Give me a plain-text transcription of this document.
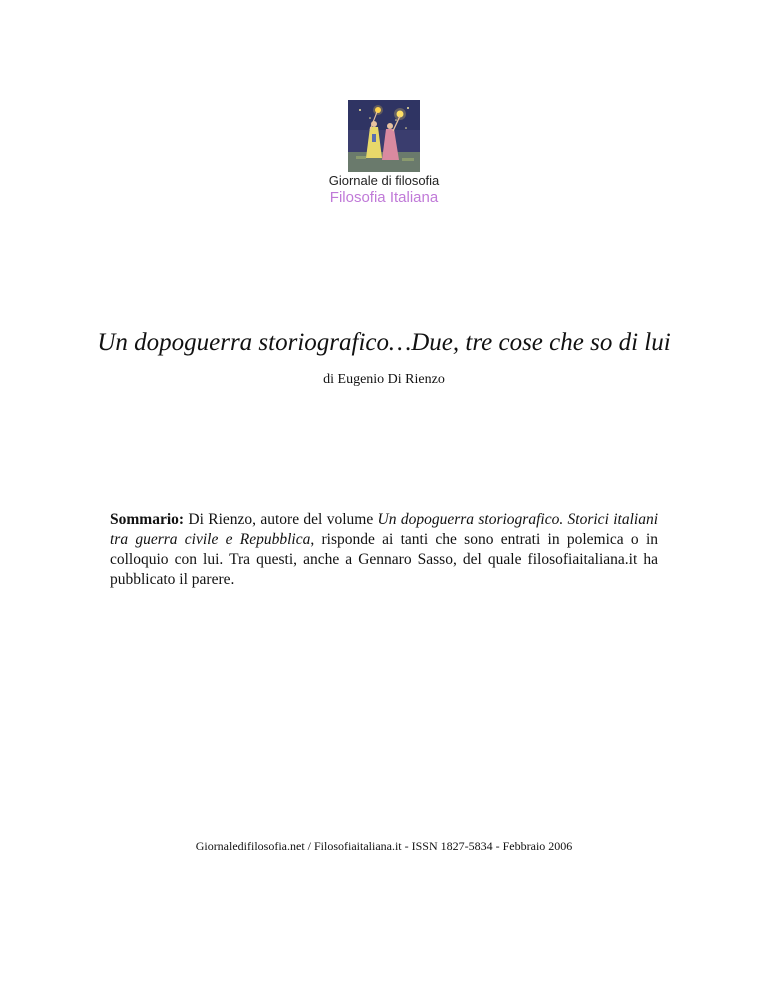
Giornale di filosofia
Filosofia Italiana
Un dopoguerra storiografico…Due, tre cose che so di lui
di Eugenio Di Rienzo

Sommario: Di Rienzo, autore del volume Un dopoguerra storiografico. Storici italiani tra guerra civile e Repubblica, risponde ai tanti che sono entrati in polemica o in colloquio con lui. Tra questi, anche a Gennaro Sasso, del quale filosofiaitaliana.it ha pubblicato il parere.

Giornaledifilosofia.net / Filosofiaitaliana.it - ISSN 1827-5834 - Febbraio 2006
